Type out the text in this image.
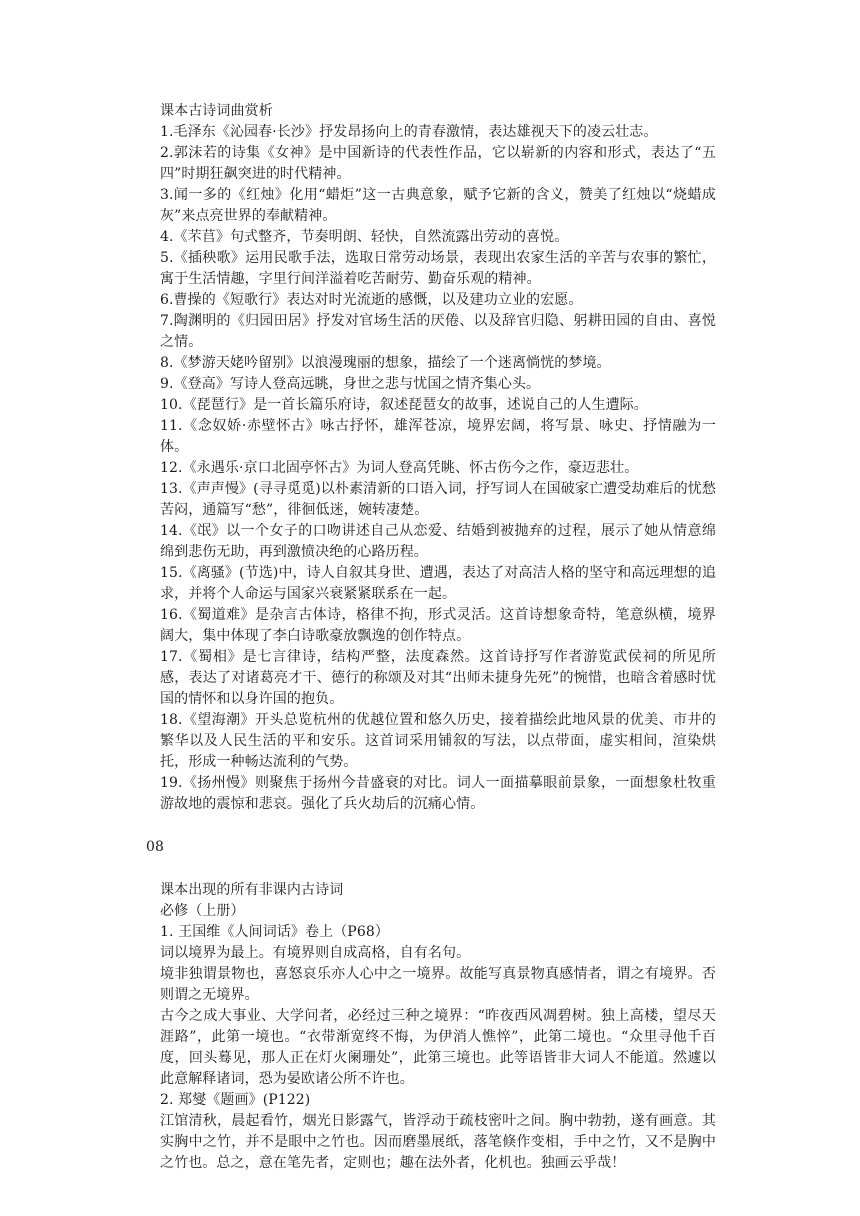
课本古诗词曲赏析

1.毛泽东《沁园春·长沙》抒发昂扬向上的青春激情，表达雄视天下的凌云壮志。

2.郭沫若的诗集《女神》是中国新诗的代表性作品，它以崭新的内容和形式，表达了“五四”时期狂飙突进的时代精神。

3.闻一多的《红烛》化用“蜡炬”这一古典意象，赋予它新的含义，赞美了红烛以“烧蜡成灰”来点亮世界的奉献精神。

4.《芣苢》句式整齐，节奏明朗、轻快，自然流露出劳动的喜悦。

5.《插秧歌》运用民歌手法，选取日常劳动场景，表现出农家生活的辛苦与农事的繁忙，寓于生活情趣，字里行间洋溢着吃苦耐劳、勤奋乐观的精神。

6.曹操的《短歌行》表达对时光流逝的感慨，以及建功立业的宏愿。

7.陶渊明的《归园田居》抒发对官场生活的厌倦、以及辞官归隐、躬耕田园的自由、喜悦之情。

8.《梦游天姥吟留别》以浪漫瑰丽的想象，描绘了一个迷离惝恍的梦境。

9.《登高》写诗人登高远眺，身世之悲与忧国之情齐集心头。

10.《琵琶行》是一首长篇乐府诗，叙述琵琶女的故事，述说自己的人生遭际。

11.《念奴娇·赤壁怀古》咏古抒怀，雄浑苍凉，境界宏阔，将写景、咏史、抒情融为一体。

12.《永遇乐·京口北固亭怀古》为词人登高凭眺、怀古伤今之作，豪迈悲壮。

13.《声声慢》(寻寻觅觅)以朴素清新的口语入词，抒写词人在国破家亡遭受劫难后的忧愁苦闷，通篇写“愁”，徘徊低迷，婉转凄楚。

14.《氓》以一个女子的口吻讲述自己从恋爱、结婚到被抛弃的过程，展示了她从情意绵绵到悲伤无助，再到激愤决绝的心路历程。

15.《离骚》(节选)中，诗人自叙其身世、遭遇，表达了对高洁人格的坚守和高远理想的追求，并将个人命运与国家兴衰紧紧联系在一起。

16.《蜀道难》是杂言古体诗，格律不拘，形式灵活。这首诗想象奇特，笔意纵横，境界阔大，集中体现了李白诗歌豪放飘逸的创作特点。

17.《蜀相》是七言律诗，结构严整，法度森然。这首诗抒写作者游览武侯祠的所见所感，表达了对诸葛亮才干、德行的称颂及对其“出师未捷身先死”的惋惜，也暗含着感时忧国的情怀和以身许国的抱负。

18.《望海潮》开头总览杭州的优越位置和悠久历史，接着描绘此地风景的优美、市井的繁华以及人民生活的平和安乐。这首词采用铺叙的写法，以点带面，虚实相间，渲染烘托，形成一种畅达流利的气势。

19.《扬州慢》则聚焦于扬州今昔盛衰的对比。词人一面描摹眼前景象，一面想象杜牧重游故地的震惊和悲哀。强化了兵火劫后的沉痛心情。

08

课本出现的所有非课内古诗词

必修（上册）

1. 王国维《人间词话》卷上（P68）

词以境界为最上。有境界则自成高格，自有名句。

境非独谓景物也，喜怒哀乐亦人心中之一境界。故能写真景物真感情者，谓之有境界。否则谓之无境界。

古今之成大事业、大学问者，必经过三种之境界：“昨夜西风凋碧树。独上高楼，望尽天涯路”，此第一境也。“衣带渐宽终不悔，为伊消人憔悴”，此第二境也。“众里寻他千百度，回头蓦见，那人正在灯火阑珊处”，此第三境也。此等语皆非大词人不能道。然遽以此意解释诸词，恐为晏欧诸公所不许也。

2. 郑燮《题画》(P122)

江馆清秋，晨起看竹，烟光日影露气，皆浮动于疏枝密叶之间。胸中勃勃，遂有画意。其实胸中之竹，并不是眼中之竹也。因而磨墨展纸，落笔倏作变相，手中之竹，又不是胸中之竹也。总之，意在笔先者，定则也；趣在法外者，化机也。独画云乎哉！
